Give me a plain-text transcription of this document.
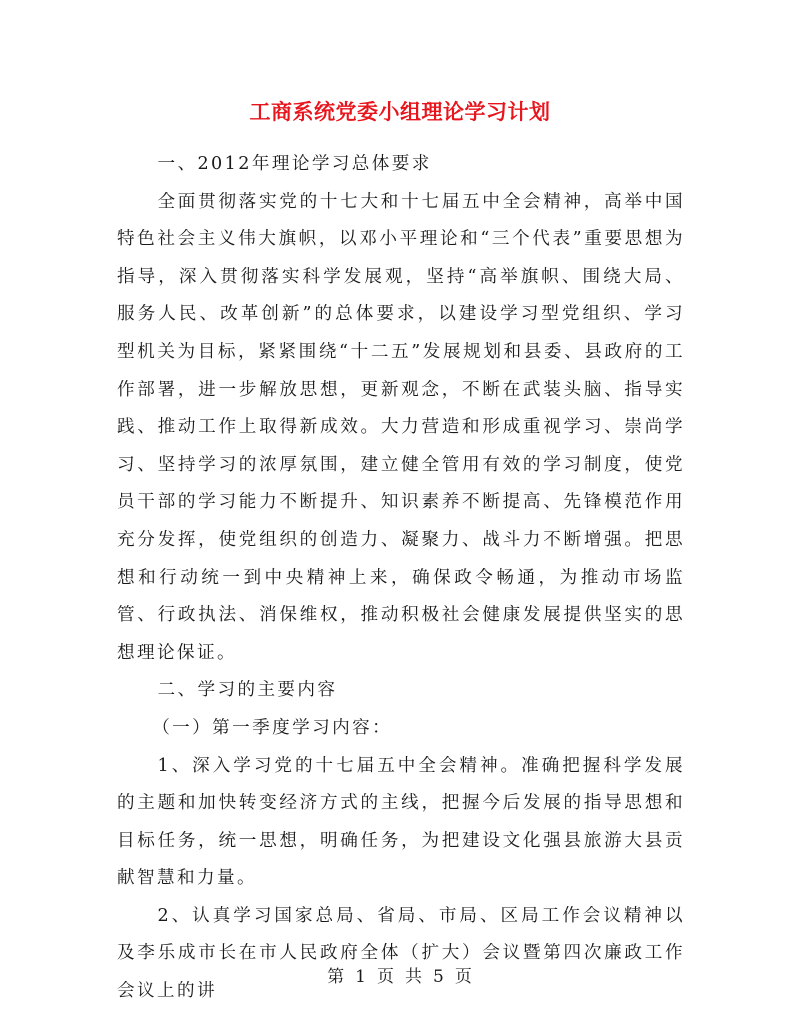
工商系统党委小组理论学习计划

一、2012年理论学习总体要求

全面贯彻落实党的十七大和十七届五中全会精神，高举中国特色社会主义伟大旗帜，以邓小平理论和“三个代表”重要思想为指导，深入贯彻落实科学发展观，坚持“高举旗帜、围绕大局、服务人民、改革创新”的总体要求，以建设学习型党组织、学习型机关为目标，紧紧围绕“十二五”发展规划和县委、县政府的工作部署，进一步解放思想，更新观念，不断在武装头脑、指导实践、推动工作上取得新成效。大力营造和形成重视学习、崇尚学习、坚持学习的浓厚氛围，建立健全管用有效的学习制度，使党员干部的学习能力不断提升、知识素养不断提高、先锋模范作用充分发挥，使党组织的创造力、凝聚力、战斗力不断增强。把思想和行动统一到中央精神上来，确保政令畅通，为推动市场监管、行政执法、消保维权，推动积极社会健康发展提供坚实的思想理论保证。

二、学习的主要内容

（一）第一季度学习内容：

1、深入学习党的十七届五中全会精神。准确把握科学发展的主题和加快转变经济方式的主线，把握今后发展的指导思想和目标任务，统一思想，明确任务，为把建设文化强县旅游大县贡献智慧和力量。

2、认真学习国家总局、省局、市局、区局工作会议精神以及李乐成市长在市人民政府全体（扩大）会议暨第四次廉政工作会议上的讲

第 1 页 共 5 页
